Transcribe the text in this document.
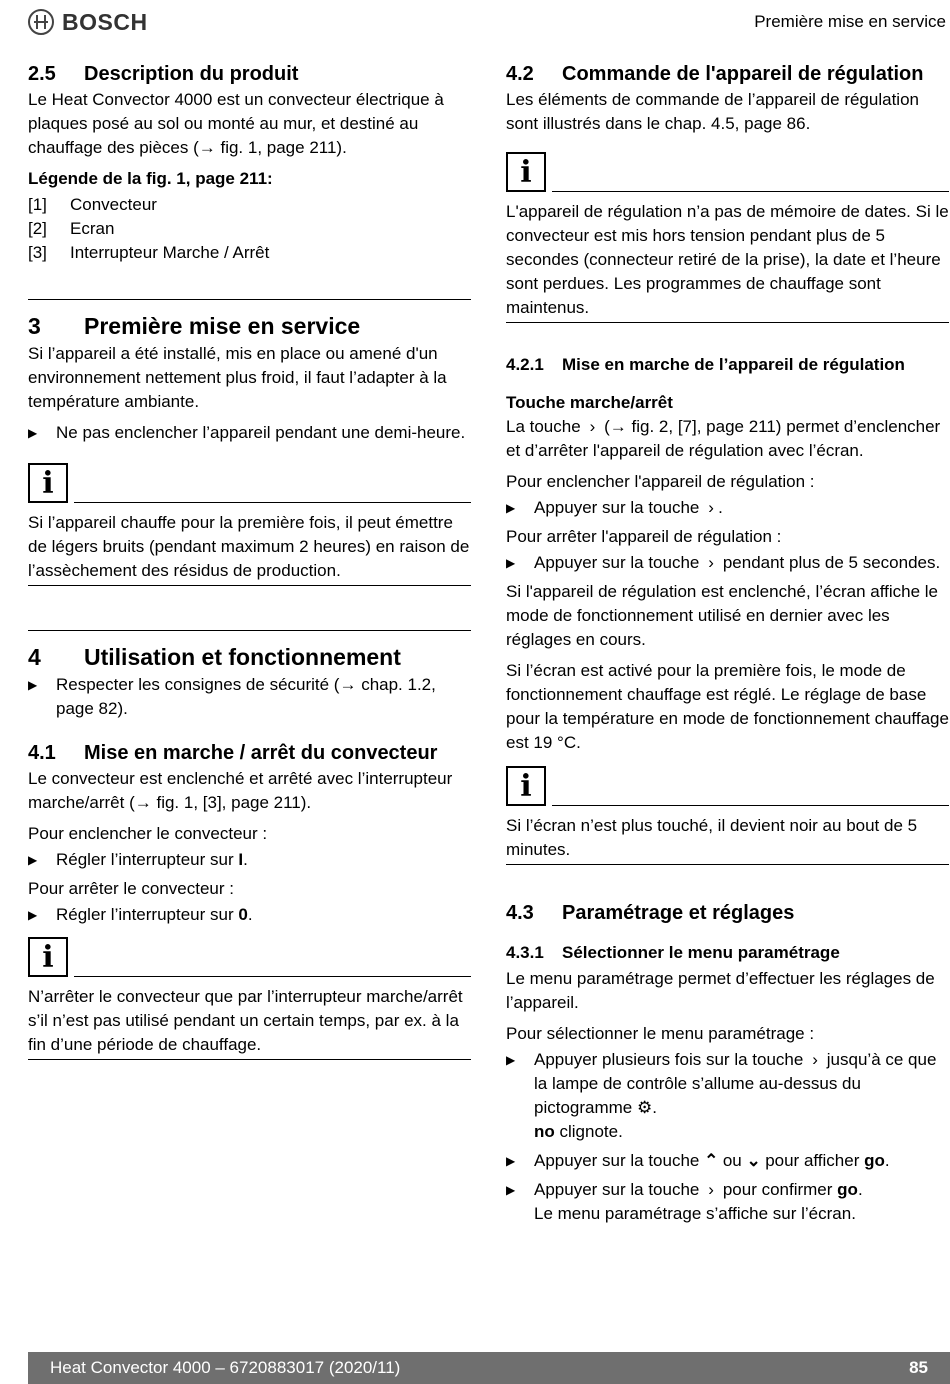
BOSCH	Première mise en service
2.5	Description du produit

Le Heat Convector 4000 est un convecteur électrique à plaques posé au sol ou monté au mur, et destiné au chauffage des pièces (→ fig. 1, page 211).

Légende de la fig. 1, page 211:

[1]	Convecteur
[2]	Ecran
[3]	Interrupteur Marche / Arrêt
3	Première mise en service

Si l’appareil a été installé, mis en place ou amené d'un environnement nettement plus froid, il faut l’adapter à la température ambiante.

▶	Ne pas enclencher l’appareil pendant une demi-heure.
i

Si l’appareil chauffe pour la première fois, il peut émettre de légers bruits (pendant maximum 2 heures) en raison de l’assèchement des résidus de production.

4	Utilisation et fonctionnement
▶	Respecter les consignes de sécurité (→ chap. 1.2, page 82).
4.1	Mise en marche / arrêt du convecteur

Le convecteur est enclenché et arrêté avec l’interrupteur marche/arrêt (→ fig. 1, [3], page 211).

Pour enclencher le convecteur :

▶	Régler l’interrupteur sur I.

Pour arrêter le convecteur :

▶	Régler l’interrupteur sur 0.
i

N’arrêter le convecteur que par l’interrupteur marche/arrêt s’il n’est pas utilisé pendant un certain temps, par ex. à la fin d’une période de chauffage.

4.2	Commande de l'appareil de régulation

Les éléments de commande de l’appareil de régulation sont illustrés dans le chap. 4.5, page 86.

i

L'appareil de régulation n’a pas de mémoire de dates. Si le convecteur est mis hors tension pendant plus de 5 secondes (connecteur retiré de la prise), la date et l’heure sont perdues. Les programmes de chauffage sont maintenus.

4.2.1	Mise en marche de l’appareil de régulation

Touche marche/arrêt

La touche › (→ fig. 2, [7], page 211) permet d’enclencher et d’arrêter l'appareil de régulation avec l’écran.

Pour enclencher l'appareil de régulation :

▶	Appuyer sur la touche › .

Pour arrêter l'appareil de régulation :

▶	Appuyer sur la touche › pendant plus de 5 secondes.

Si l'appareil de régulation est enclenché, l’écran affiche le mode de fonctionnement utilisé en dernier avec les réglages en cours.

Si l’écran est activé pour la première fois, le mode de fonctionnement chauffage est réglé. Le réglage de base pour la température en mode de fonctionnement chauffage est 19 °C.

i

Si l’écran n’est plus touché, il devient noir au bout de 5 minutes.

4.3	Paramétrage et réglages
4.3.1	Sélectionner le menu paramétrage

Le menu paramétrage permet d’effectuer les réglages de l’appareil.

Pour sélectionner le menu paramétrage :

▶	Appuyer plusieurs fois sur la touche › jusqu’à ce que la lampe de contrôle s’allume au-dessus du pictogramme ⚙.
no clignote.
▶	Appuyer sur la touche ⌃ ou ⌄ pour afficher go.
▶	Appuyer sur la touche › pour confirmer go.
Le menu paramétrage s’affiche sur l’écran.
Heat Convector 4000 – 6720883017 (2020/11)	85
